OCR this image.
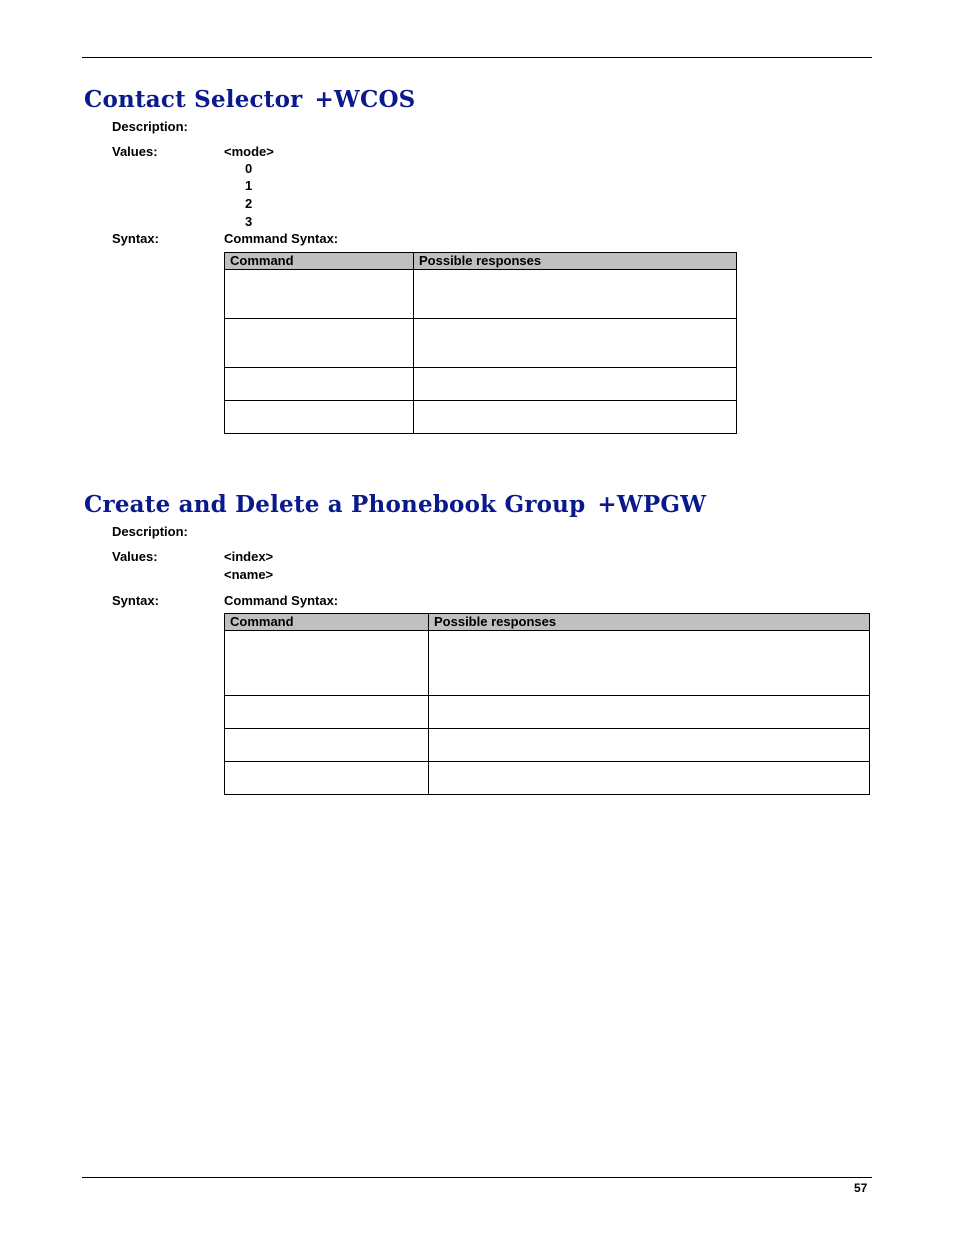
Contact Selector +WCOS
Description:
Values:	<mode>
0
1
2
3
Syntax:	Command Syntax:
Command	Possible responses

Create and Delete a Phonebook Group +WPGW
Description:
Values:	<index>
<name>
Syntax:	Command Syntax:
Command	Possible responses

57
